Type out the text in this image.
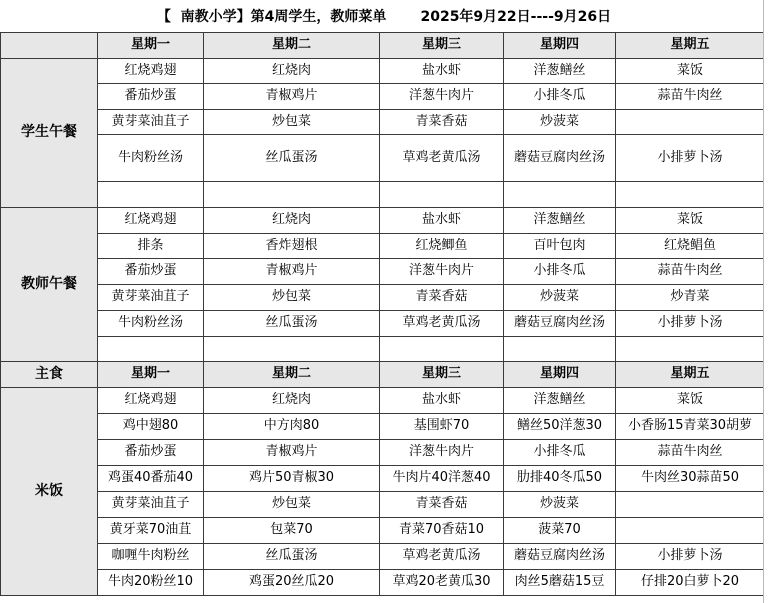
【  南教小学】第4周学生，教师菜单       2025年9月22日----9月26日
	星期一	星期二	星期三	星期四	星期五
学生午餐	红烧鸡翅	红烧肉	盐水虾	洋葱鳝丝	菜饭
	番茄炒蛋	青椒鸡片	洋葱牛肉片	小排冬瓜	蒜苗牛肉丝
	黄芽菜油苴子	炒包菜	青菜香菇	炒菠菜	
	牛肉粉丝汤	丝瓜蛋汤	草鸡老黄瓜汤	蘑菇豆腐肉丝汤	小排萝卜汤

教师午餐	红烧鸡翅	红烧肉	盐水虾	洋葱鳝丝	菜饭
	排条	香炸翅根	红烧鲫鱼	百叶包肉	红烧鲳鱼
	番茄炒蛋	青椒鸡片	洋葱牛肉片	小排冬瓜	蒜苗牛肉丝
	黄芽菜油苴子	炒包菜	青菜香菇	炒菠菜	炒青菜
	牛肉粉丝汤	丝瓜蛋汤	草鸡老黄瓜汤	蘑菇豆腐肉丝汤	小排萝卜汤

主食	星期一	星期二	星期三	星期四	星期五
米饭	红烧鸡翅	红烧肉	盐水虾	洋葱鳝丝	菜饭
	鸡中翅80	中方肉80	基围虾70	鳝丝50洋葱30	小香肠15青菜30胡萝
	番茄炒蛋	青椒鸡片	洋葱牛肉片	小排冬瓜	蒜苗牛肉丝
	鸡蛋40番茄40	鸡片50青椒30	牛肉片40洋葱40	肋排40冬瓜50	牛肉丝30蒜苗50
	黄芽菜油苴子	炒包菜	青菜香菇	炒菠菜	
	黄牙菜70油苴	包菜70	青菜70香菇10	菠菜70	
	咖喱牛肉粉丝	丝瓜蛋汤	草鸡老黄瓜汤	蘑菇豆腐肉丝汤	小排萝卜汤
	牛肉20粉丝10	鸡蛋20丝瓜20	草鸡20老黄瓜30	肉丝5蘑菇15豆	仔排20白萝卜20
